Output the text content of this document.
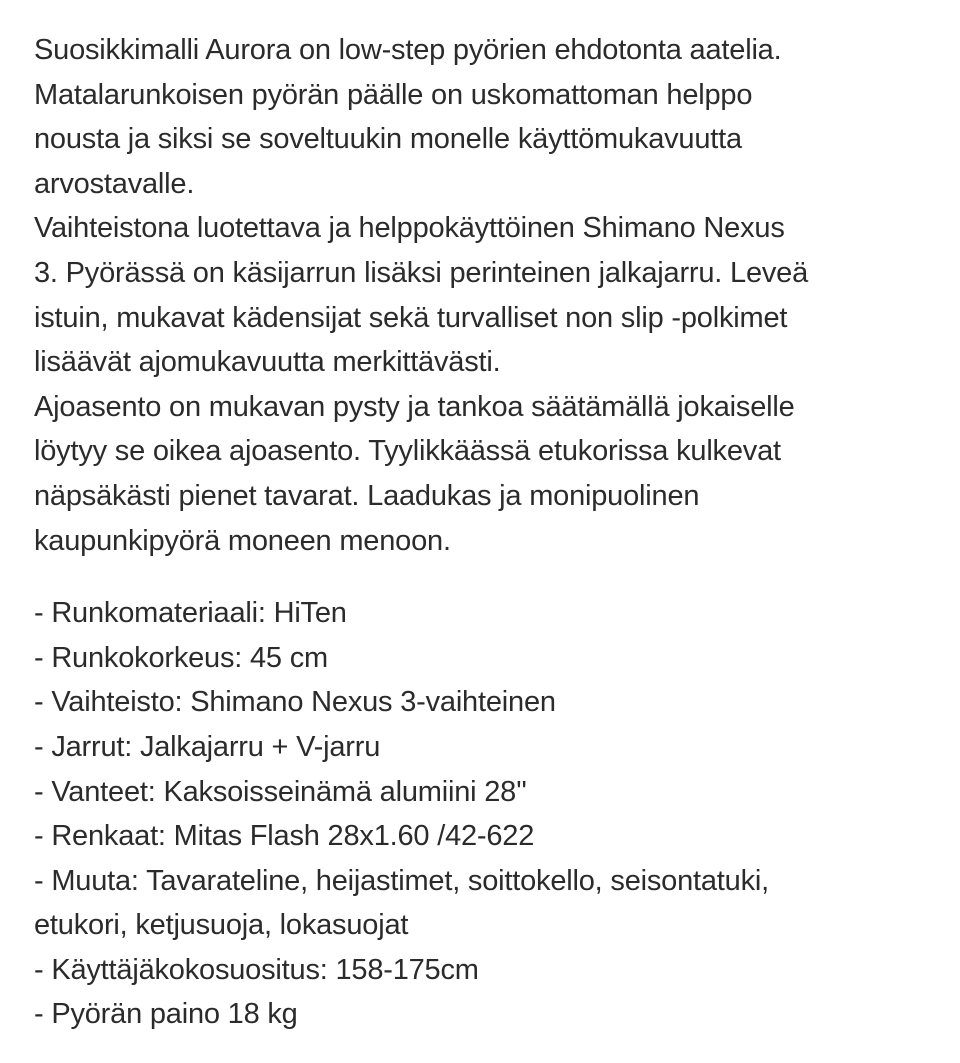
Suosikkimalli Aurora on low-step pyörien ehdotonta aatelia.
Matalarunkoisen pyörän päälle on uskomattoman helppo
nousta ja siksi se soveltuukin monelle käyttömukavuutta
arvostavalle.
Vaihteistona luotettava ja helppokäyttöinen Shimano Nexus
3. Pyörässä on käsijarrun lisäksi perinteinen jalkajarru. Leveä
istuin, mukavat kädensijat sekä turvalliset non slip -polkimet
lisäävät ajomukavuutta merkittävästi.
Ajoasento on mukavan pysty ja tankoa säätämällä jokaiselle
löytyy se oikea ajoasento. Tyylikkäässä etukorissa kulkevat
näpsäkästi pienet tavarat. Laadukas ja monipuolinen
kaupunkipyörä moneen menoon.
- Runkomateriaali: HiTen
- Runkokorkeus: 45 cm
- Vaihteisto: Shimano Nexus 3-vaihteinen
- Jarrut: Jalkajarru + V-jarru
- Vanteet: Kaksoisseinämä alumiini 28''
- Renkaat: Mitas Flash 28x1.60 /42-622
- Muuta: Tavarateline, heijastimet, soittokello, seisontatuki,
etukori, ketjusuoja, lokasuojat
- Käyttäjäkokosuositus: 158-175cm
- Pyörän paino 18 kg
